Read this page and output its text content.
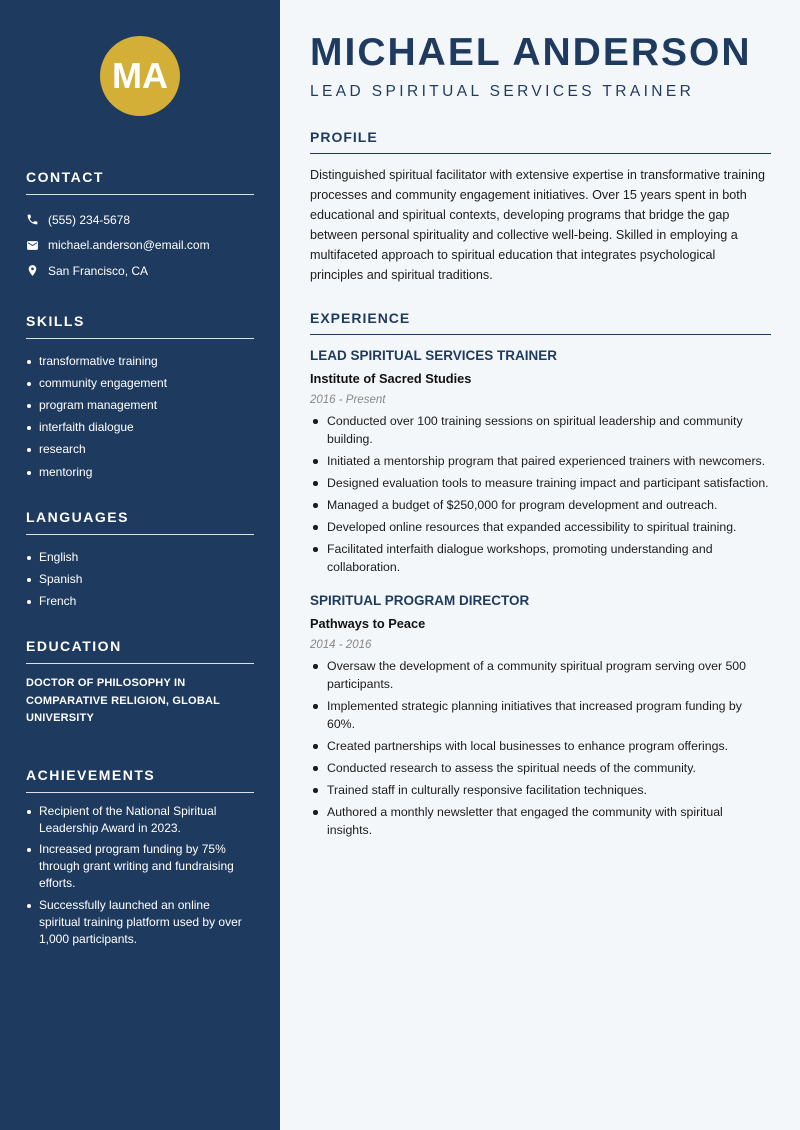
MA
CONTACT
(555) 234-5678
michael.anderson@email.com
San Francisco, CA
SKILLS
transformative training
community engagement
program management
interfaith dialogue
research
mentoring
LANGUAGES
English
Spanish
French
EDUCATION
DOCTOR OF PHILOSOPHY IN COMPARATIVE RELIGION, GLOBAL UNIVERSITY
ACHIEVEMENTS
Recipient of the National Spiritual Leadership Award in 2023.
Increased program funding by 75% through grant writing and fundraising efforts.
Successfully launched an online spiritual training platform used by over 1,000 participants.
MICHAEL ANDERSON
LEAD SPIRITUAL SERVICES TRAINER
PROFILE

Distinguished spiritual facilitator with extensive expertise in transformative training processes and community engagement initiatives. Over 15 years spent in both educational and spiritual contexts, developing programs that bridge the gap between personal spirituality and collective well-being. Skilled in employing a multifaceted approach to spiritual education that integrates psychological principles and spiritual traditions.

EXPERIENCE
LEAD SPIRITUAL SERVICES TRAINER
Institute of Sacred Studies
2016 - Present
Conducted over 100 training sessions on spiritual leadership and community building.
Initiated a mentorship program that paired experienced trainers with newcomers.
Designed evaluation tools to measure training impact and participant satisfaction.
Managed a budget of $250,000 for program development and outreach.
Developed online resources that expanded accessibility to spiritual training.
Facilitated interfaith dialogue workshops, promoting understanding and collaboration.
SPIRITUAL PROGRAM DIRECTOR
Pathways to Peace
2014 - 2016
Oversaw the development of a community spiritual program serving over 500 participants.
Implemented strategic planning initiatives that increased program funding by 60%.
Created partnerships with local businesses to enhance program offerings.
Conducted research to assess the spiritual needs of the community.
Trained staff in culturally responsive facilitation techniques.
Authored a monthly newsletter that engaged the community with spiritual insights.
